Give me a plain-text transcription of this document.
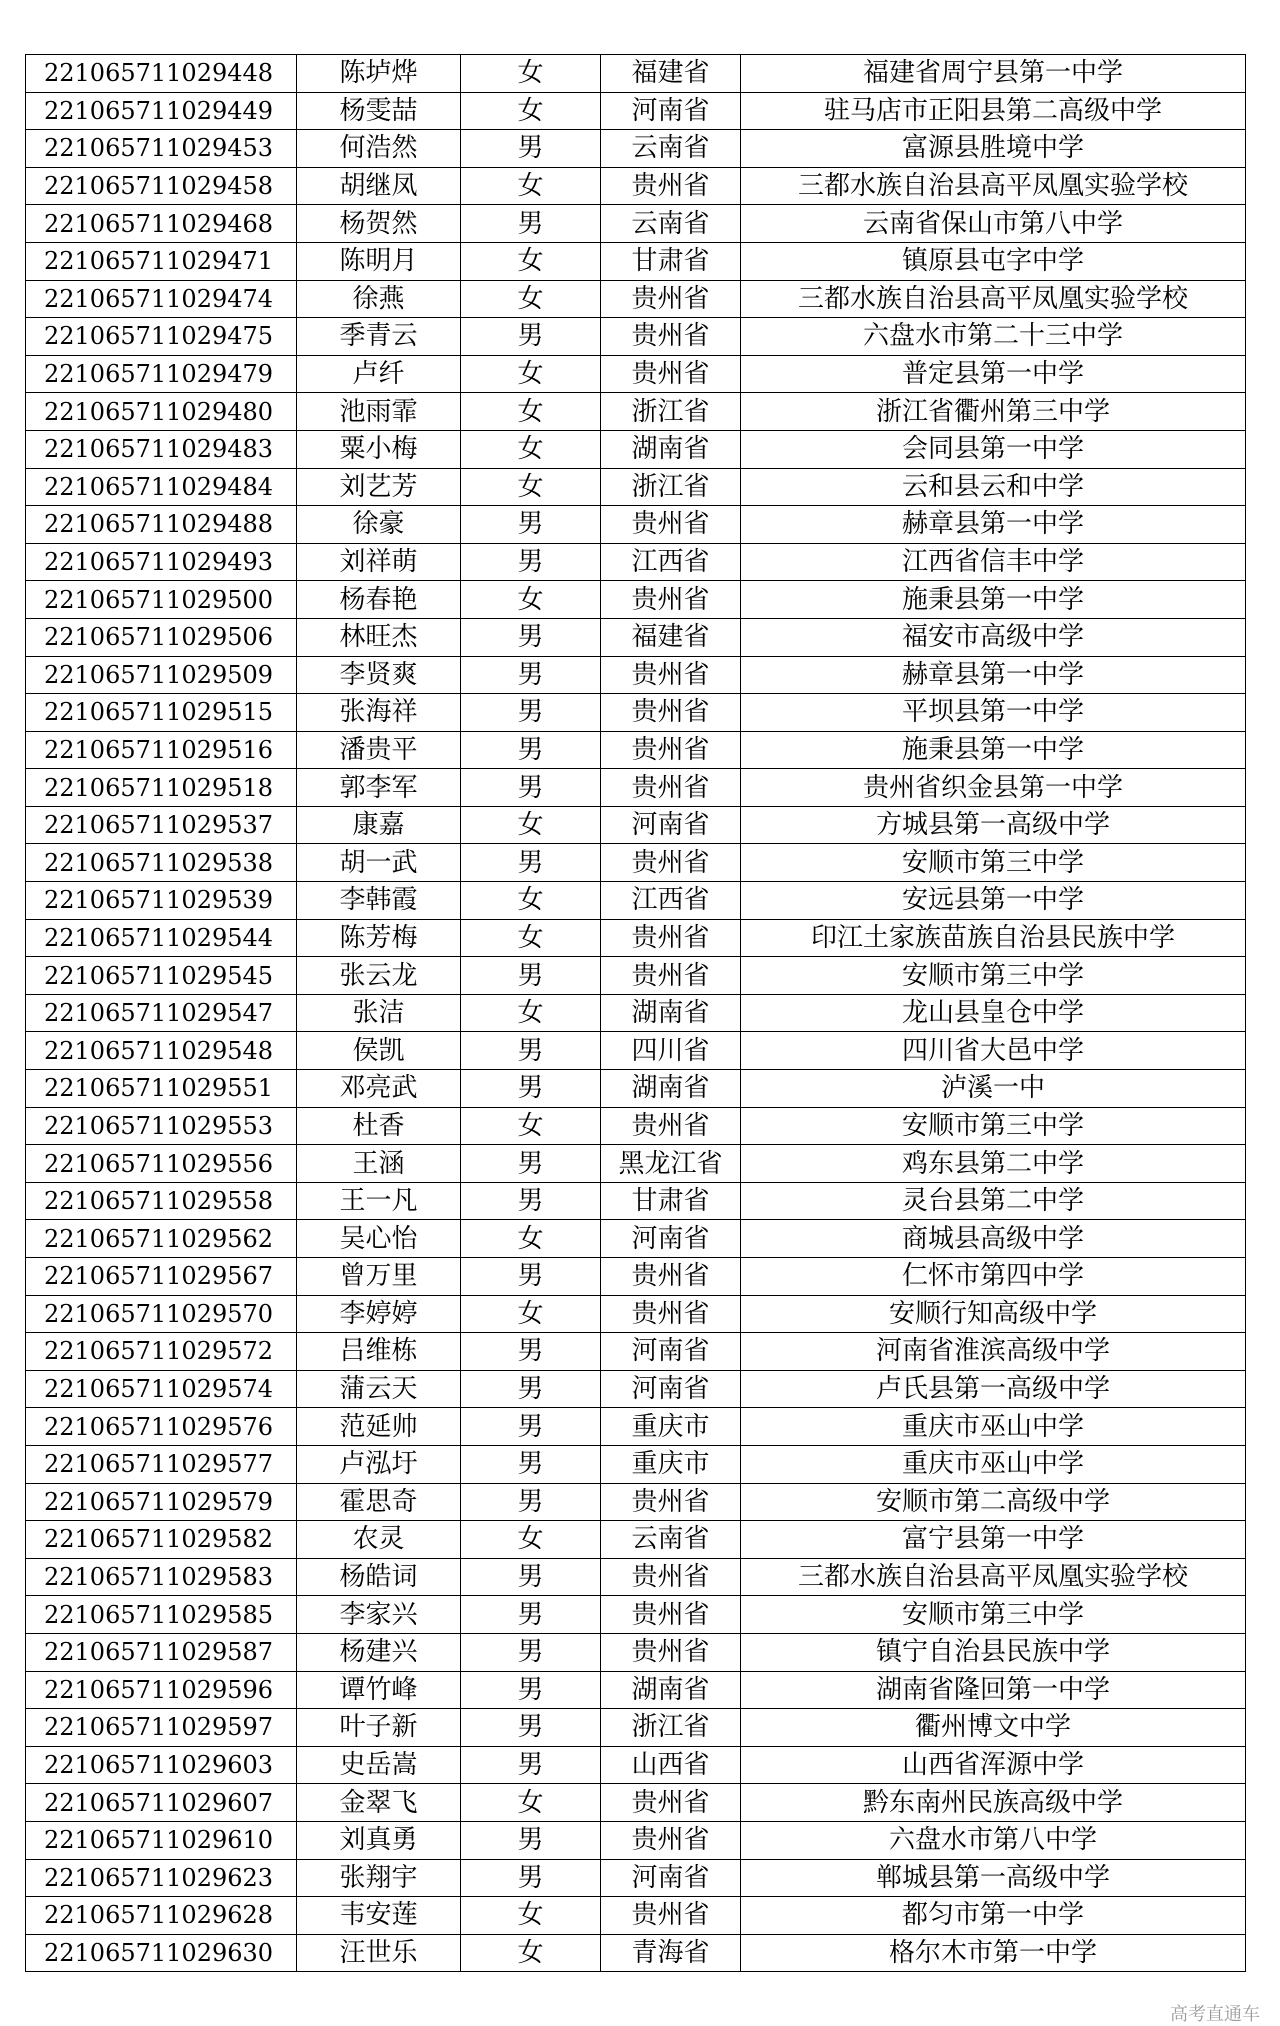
221065711029448	陈垆烨	女	福建省	福建省周宁县第一中学
221065711029449	杨雯喆	女	河南省	驻马店市正阳县第二高级中学
221065711029453	何浩然	男	云南省	富源县胜境中学
221065711029458	胡继凤	女	贵州省	三都水族自治县高平凤凰实验学校
221065711029468	杨贺然	男	云南省	云南省保山市第八中学
221065711029471	陈明月	女	甘肃省	镇原县屯字中学
221065711029474	徐燕	女	贵州省	三都水族自治县高平凤凰实验学校
221065711029475	季青云	男	贵州省	六盘水市第二十三中学
221065711029479	卢纤	女	贵州省	普定县第一中学
221065711029480	池雨霏	女	浙江省	浙江省衢州第三中学
221065711029483	粟小梅	女	湖南省	会同县第一中学
221065711029484	刘艺芳	女	浙江省	云和县云和中学
221065711029488	徐豪	男	贵州省	赫章县第一中学
221065711029493	刘祥萌	男	江西省	江西省信丰中学
221065711029500	杨春艳	女	贵州省	施秉县第一中学
221065711029506	林旺杰	男	福建省	福安市高级中学
221065711029509	李贤爽	男	贵州省	赫章县第一中学
221065711029515	张海祥	男	贵州省	平坝县第一中学
221065711029516	潘贵平	男	贵州省	施秉县第一中学
221065711029518	郭李军	男	贵州省	贵州省织金县第一中学
221065711029537	康嘉	女	河南省	方城县第一高级中学
221065711029538	胡一武	男	贵州省	安顺市第三中学
221065711029539	李韩霞	女	江西省	安远县第一中学
221065711029544	陈芳梅	女	贵州省	印江土家族苗族自治县民族中学
221065711029545	张云龙	男	贵州省	安顺市第三中学
221065711029547	张洁	女	湖南省	龙山县皇仓中学
221065711029548	侯凯	男	四川省	四川省大邑中学
221065711029551	邓亮武	男	湖南省	泸溪一中
221065711029553	杜香	女	贵州省	安顺市第三中学
221065711029556	王涵	男	黑龙江省	鸡东县第二中学
221065711029558	王一凡	男	甘肃省	灵台县第二中学
221065711029562	吴心怡	女	河南省	商城县高级中学
221065711029567	曾万里	男	贵州省	仁怀市第四中学
221065711029570	李婷婷	女	贵州省	安顺行知高级中学
221065711029572	吕维栋	男	河南省	河南省淮滨高级中学
221065711029574	蒲云天	男	河南省	卢氏县第一高级中学
221065711029576	范延帅	男	重庆市	重庆市巫山中学
221065711029577	卢泓圩	男	重庆市	重庆市巫山中学
221065711029579	霍思奇	男	贵州省	安顺市第二高级中学
221065711029582	农灵	女	云南省	富宁县第一中学
221065711029583	杨皓词	男	贵州省	三都水族自治县高平凤凰实验学校
221065711029585	李家兴	男	贵州省	安顺市第三中学
221065711029587	杨建兴	男	贵州省	镇宁自治县民族中学
221065711029596	谭竹峰	男	湖南省	湖南省隆回第一中学
221065711029597	叶子新	男	浙江省	衢州博文中学
221065711029603	史岳嵩	男	山西省	山西省浑源中学
221065711029607	金翠飞	女	贵州省	黔东南州民族高级中学
221065711029610	刘真勇	男	贵州省	六盘水市第八中学
221065711029623	张翔宇	男	河南省	郸城县第一高级中学
221065711029628	韦安莲	女	贵州省	都匀市第一中学
221065711029630	汪世乐	女	青海省	格尔木市第一中学
高考直通车
